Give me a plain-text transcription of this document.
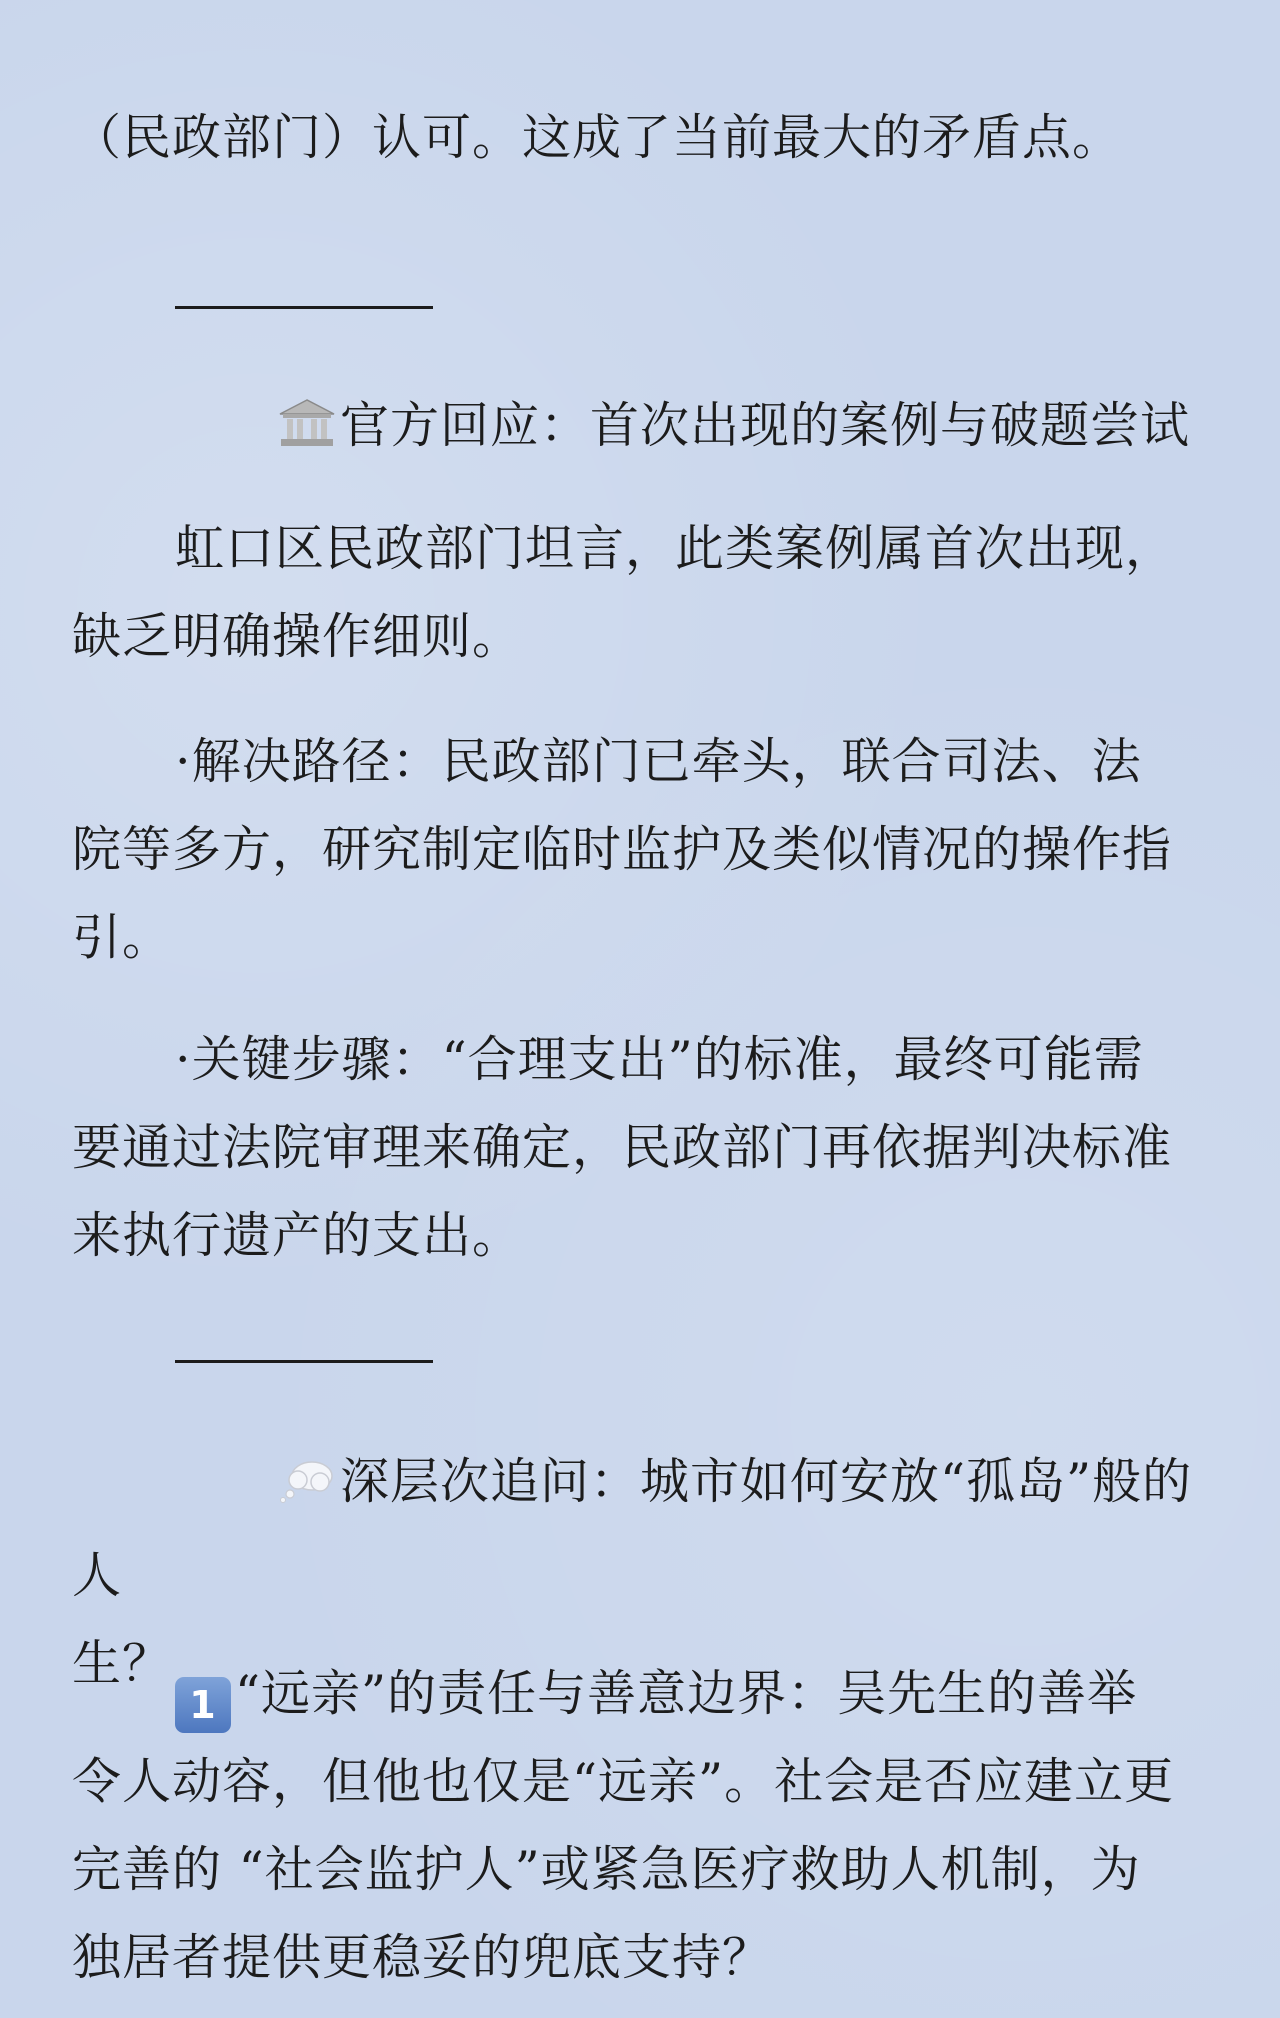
（民政部门）认可。这成了当前最大的矛盾点。

官方回应：首次出现的案例与破题尝试

虹口区民政部门坦言，此类案例属首次出现，

缺乏明确操作细则。

·解决路径：民政部门已牵头，联合司法、法

院等多方，研究制定临时监护及类似情况的操作指

引。

·关键步骤：“合理支出”的标准，最终可能需

要通过法院审理来确定，民政部门再依据判决标准

来执行遗产的支出。

深层次追问：城市如何安放“孤岛”般的人

生？

1 “远亲”的责任与善意边界：吴先生的善举

令人动容，但他也仅是“远亲”。社会是否应建立更

完善的 “社会监护人”或紧急医疗救助人机制，为

独居者提供更稳妥的兜底支持？
